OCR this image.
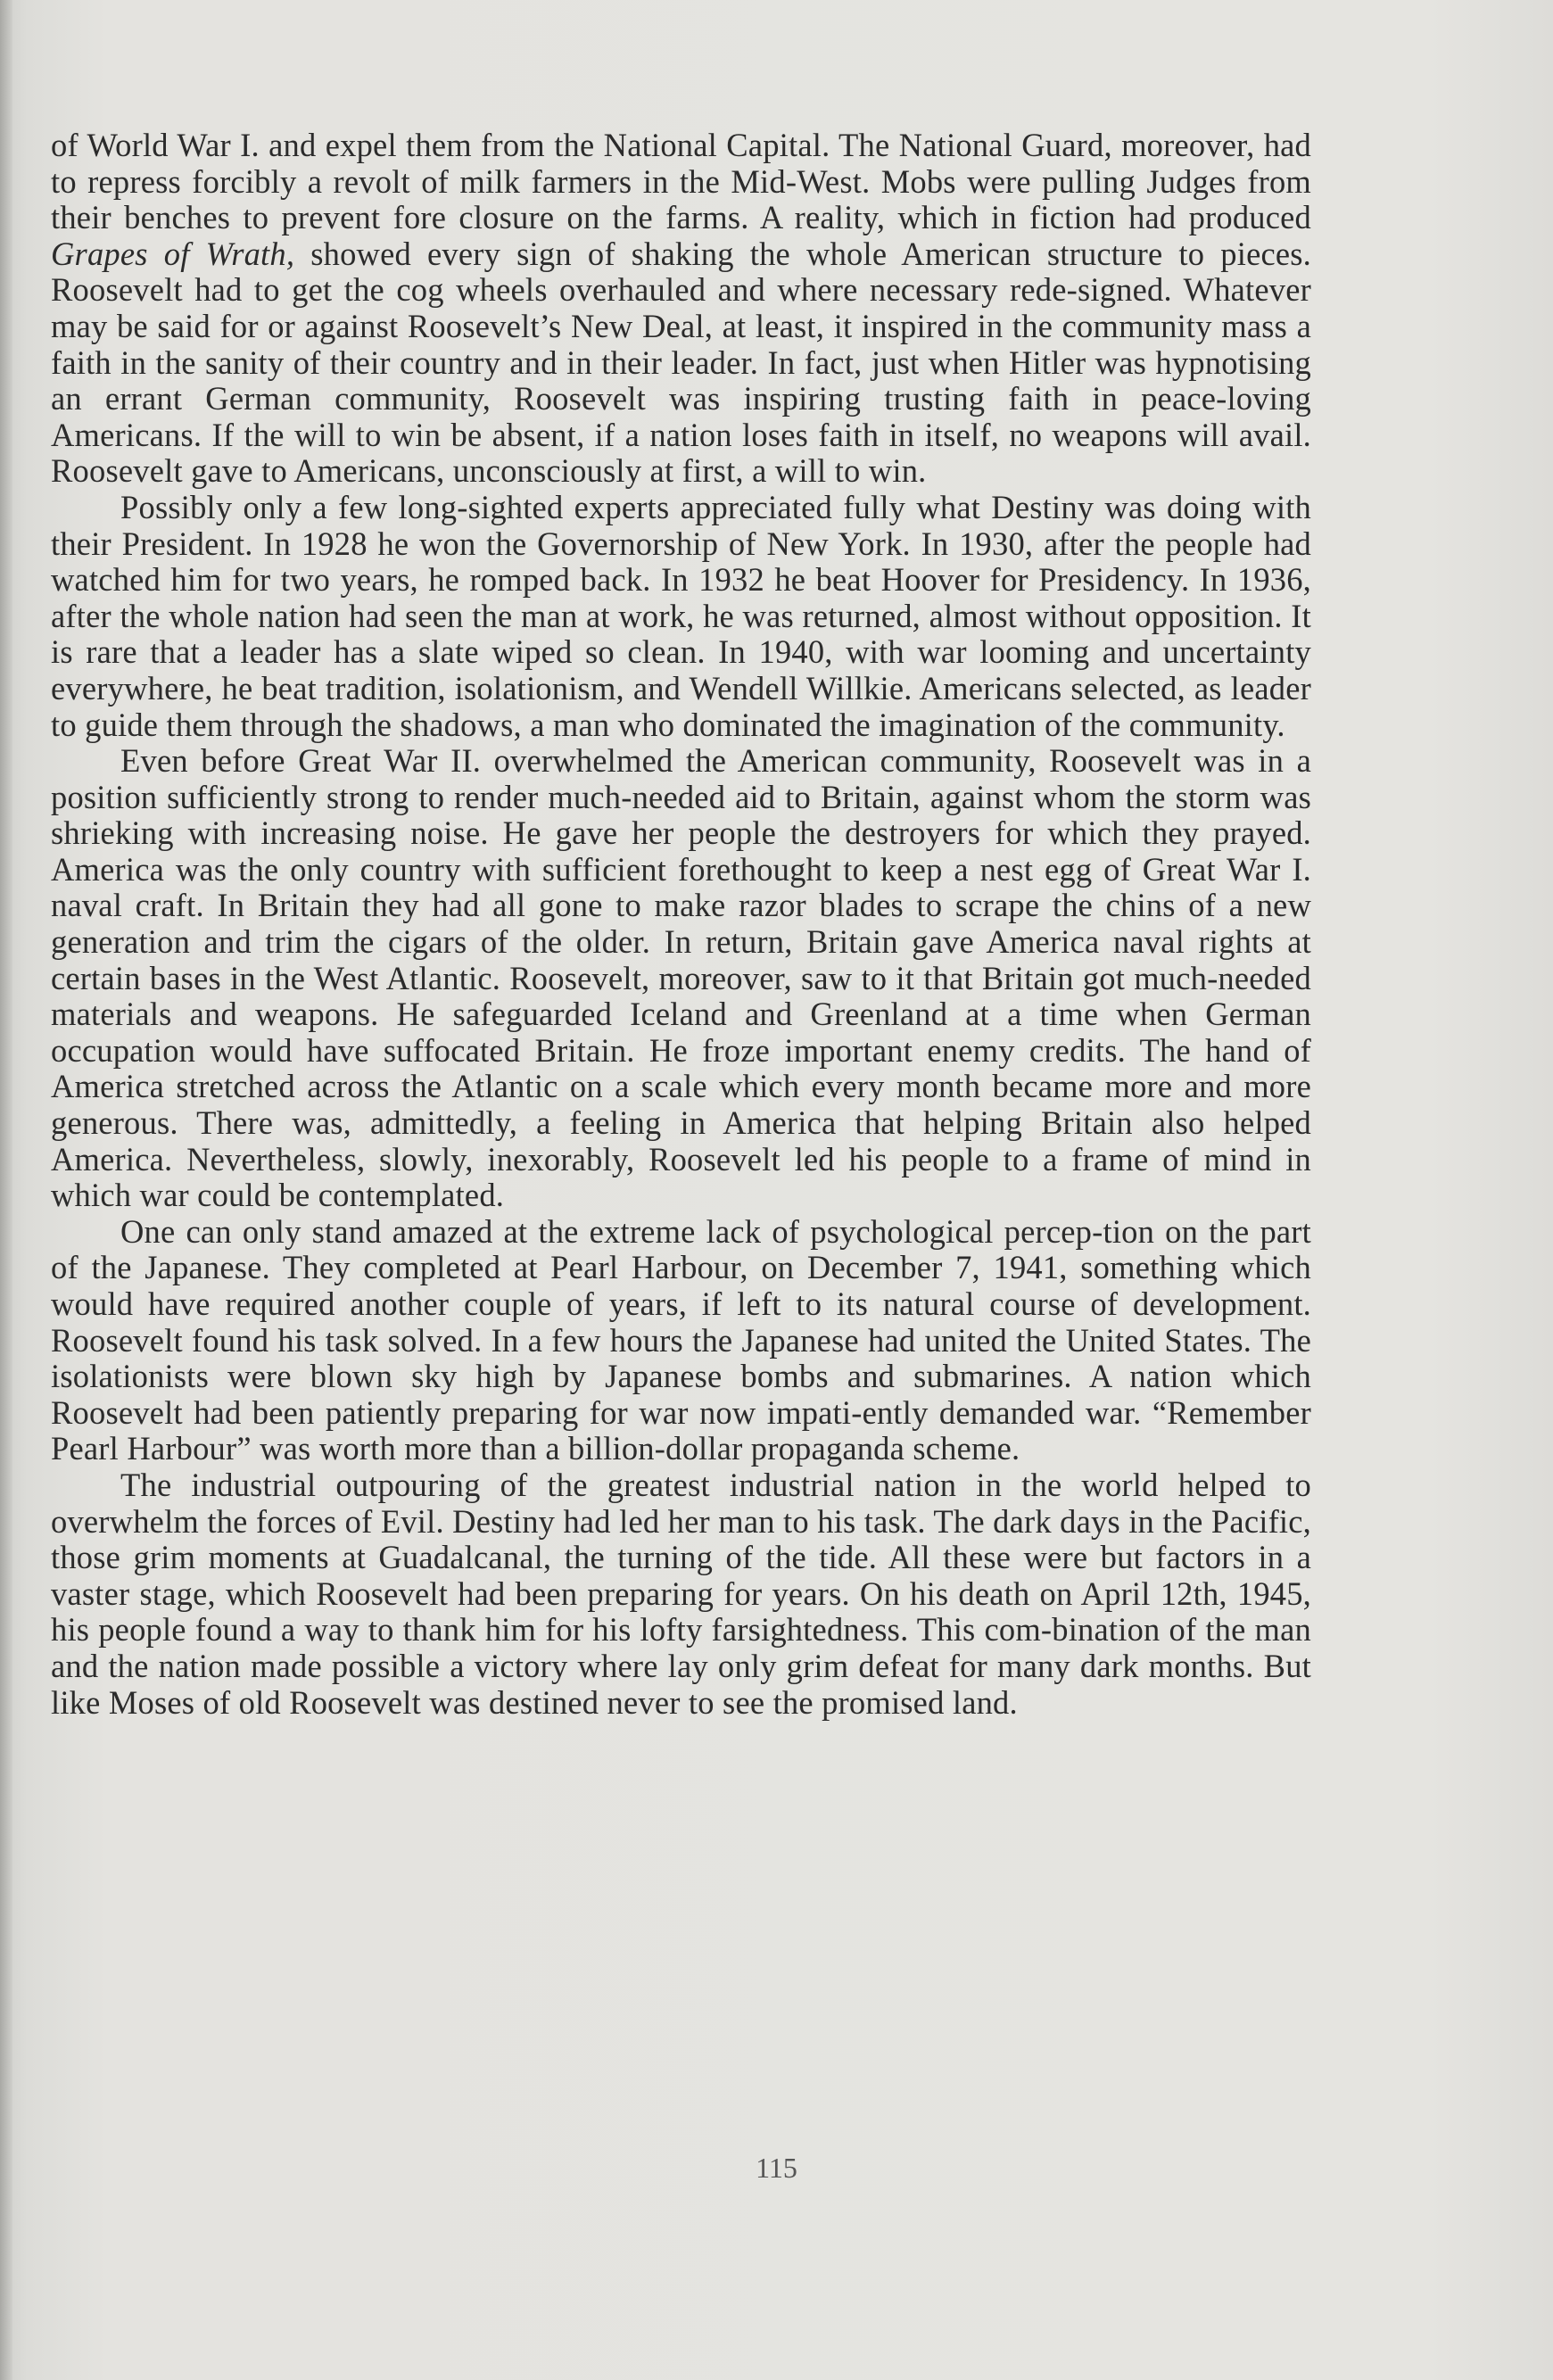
of World War I. and expel them from the National Capital. The National Guard, moreover, had to repress forcibly a revolt of milk farmers in the Mid-West. Mobs were pulling Judges from their benches to prevent fore closure on the farms. A reality, which in fiction had produced Grapes of Wrath, showed every sign of shaking the whole American structure to pieces. Roosevelt had to get the cog wheels overhauled and where necessary rede-signed. Whatever may be said for or against Roosevelt’s New Deal, at least, it inspired in the community mass a faith in the sanity of their country and in their leader. In fact, just when Hitler was hypnotising an errant German community, Roosevelt was inspiring trusting faith in peace-loving Americans. If the will to win be absent, if a nation loses faith in itself, no weapons will avail. Roosevelt gave to Americans, unconsciously at first, a will to win.

Possibly only a few long-sighted experts appreciated fully what Destiny was doing with their President. In 1928 he won the Governorship of New York. In 1930, after the people had watched him for two years, he romped back. In 1932 he beat Hoover for Presidency. In 1936, after the whole nation had seen the man at work, he was returned, almost without opposition. It is rare that a leader has a slate wiped so clean. In 1940, with war looming and uncertainty everywhere, he beat tradition, isolationism, and Wendell Willkie. Americans selected, as leader to guide them through the shadows, a man who dominated the imagination of the community.

Even before Great War II. overwhelmed the American community, Roosevelt was in a position sufficiently strong to render much-needed aid to Britain, against whom the storm was shrieking with increasing noise. He gave her people the destroyers for which they prayed. America was the only country with sufficient forethought to keep a nest egg of Great War I. naval craft. In Britain they had all gone to make razor blades to scrape the chins of a new generation and trim the cigars of the older. In return, Britain gave America naval rights at certain bases in the West Atlantic. Roosevelt, moreover, saw to it that Britain got much-needed materials and weapons. He safeguarded Iceland and Greenland at a time when German occupation would have suffocated Britain. He froze important enemy credits. The hand of America stretched across the Atlantic on a scale which every month became more and more generous. There was, admittedly, a feeling in America that helping Britain also helped America. Nevertheless, slowly, inexorably, Roosevelt led his people to a frame of mind in which war could be contemplated.

One can only stand amazed at the extreme lack of psychological percep-tion on the part of the Japanese. They completed at Pearl Harbour, on December 7, 1941, something which would have required another couple of years, if left to its natural course of development. Roosevelt found his task solved. In a few hours the Japanese had united the United States. The isolationists were blown sky high by Japanese bombs and submarines. A nation which Roosevelt had been patiently preparing for war now impati-ently demanded war. “Remember Pearl Harbour” was worth more than a billion-dollar propaganda scheme.

The industrial outpouring of the greatest industrial nation in the world helped to overwhelm the forces of Evil. Destiny had led her man to his task. The dark days in the Pacific, those grim moments at Guadalcanal, the turning of the tide. All these were but factors in a vaster stage, which Roosevelt had been preparing for years. On his death on April 12th, 1945, his people found a way to thank him for his lofty farsightedness. This com-bination of the man and the nation made possible a victory where lay only grim defeat for many dark months. But like Moses of old Roosevelt was destined never to see the promised land.

115
